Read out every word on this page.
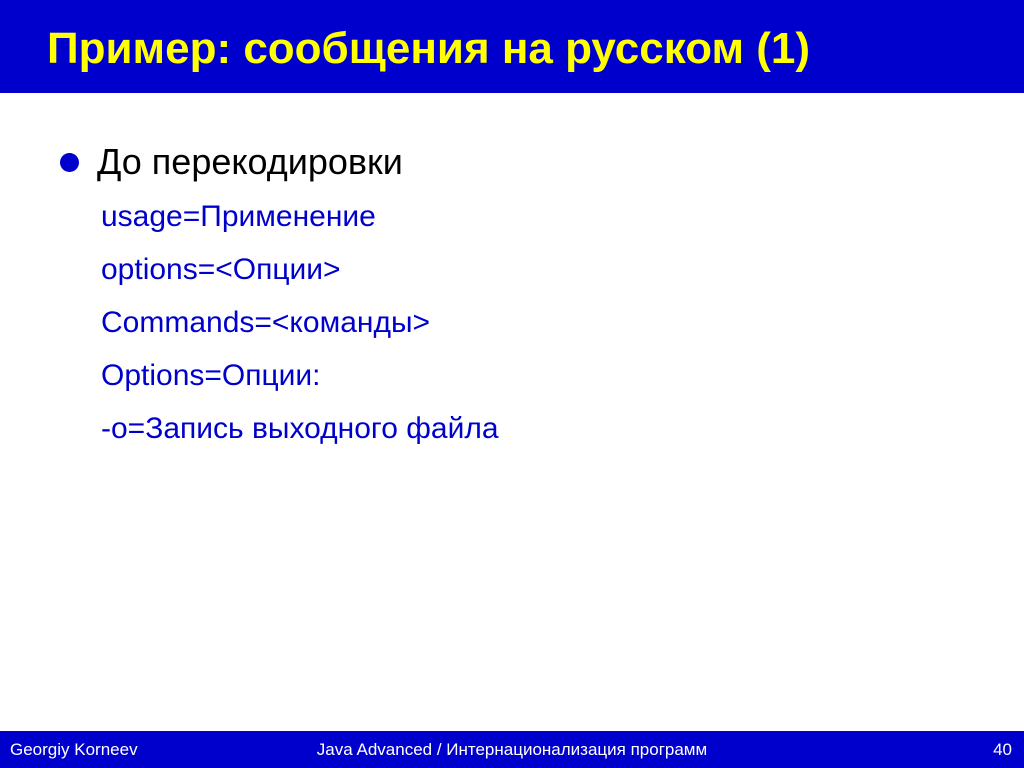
Пример: сообщения на русском (1)
До перекодировки
usage=Применение
options=<Опции>
Commands=<команды>
Options=Опции:
-o=Запись выходного файла
Georgiy Korneev	Java Advanced / Интернационализация программ	40
